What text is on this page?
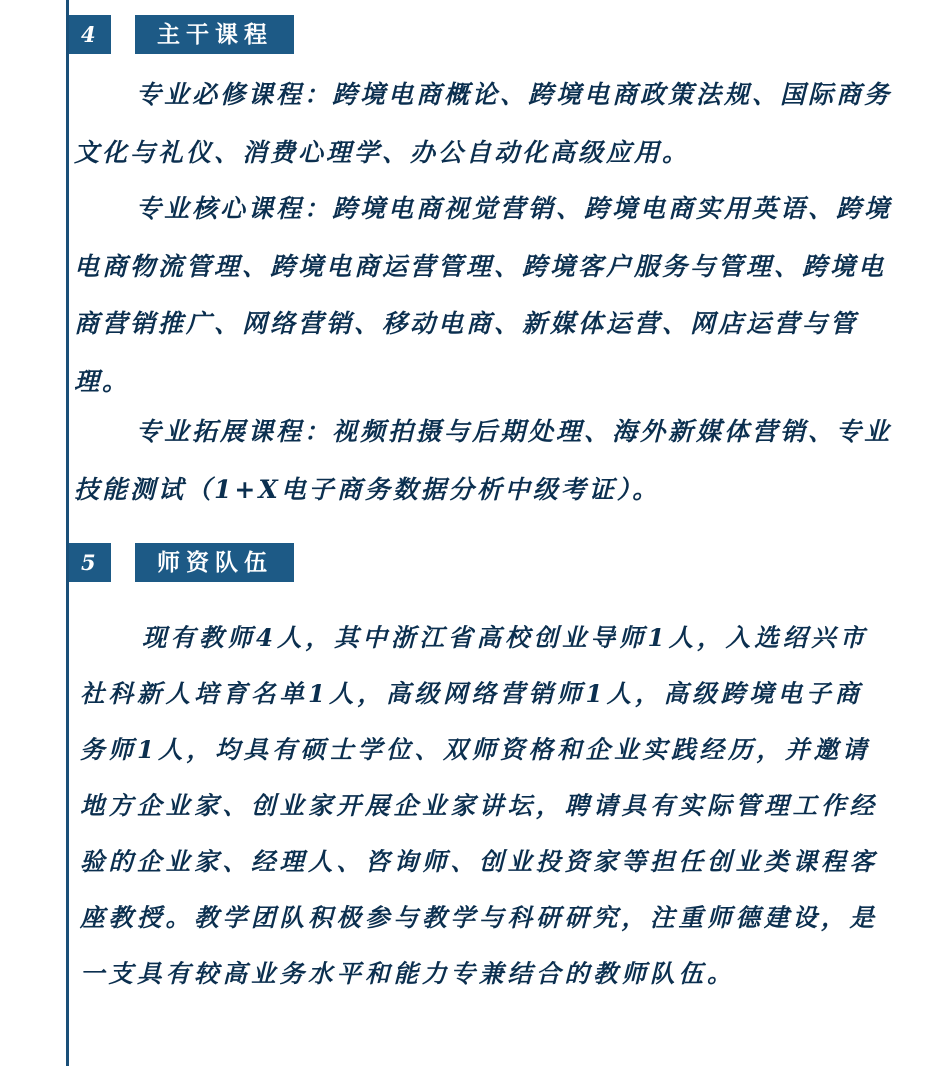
4	主干课程

专业必修课程：跨境电商概论、跨境电商政策法规、国际商务文化与礼仪、消费心理学、办公自动化高级应用。

专业核心课程：跨境电商视觉营销、跨境电商实用英语、跨境电商物流管理、跨境电商运营管理、跨境客户服务与管理、跨境电商营销推广、网络营销、移动电商、新媒体运营、网店运营与管理。

专业拓展课程：视频拍摄与后期处理、海外新媒体营销、专业技能测试（1+X电子商务数据分析中级考证）。

5	师资队伍

现有教师4人，其中浙江省高校创业导师1人，入选绍兴市社科新人培育名单1人，高级网络营销师1人，高级跨境电子商务师1人，均具有硕士学位、双师资格和企业实践经历，并邀请地方企业家、创业家开展企业家讲坛，聘请具有实际管理工作经验的企业家、经理人、咨询师、创业投资家等担任创业类课程客座教授。教学团队积极参与教学与科研研究，注重师德建设，是一支具有较高业务水平和能力专兼结合的教师队伍。
